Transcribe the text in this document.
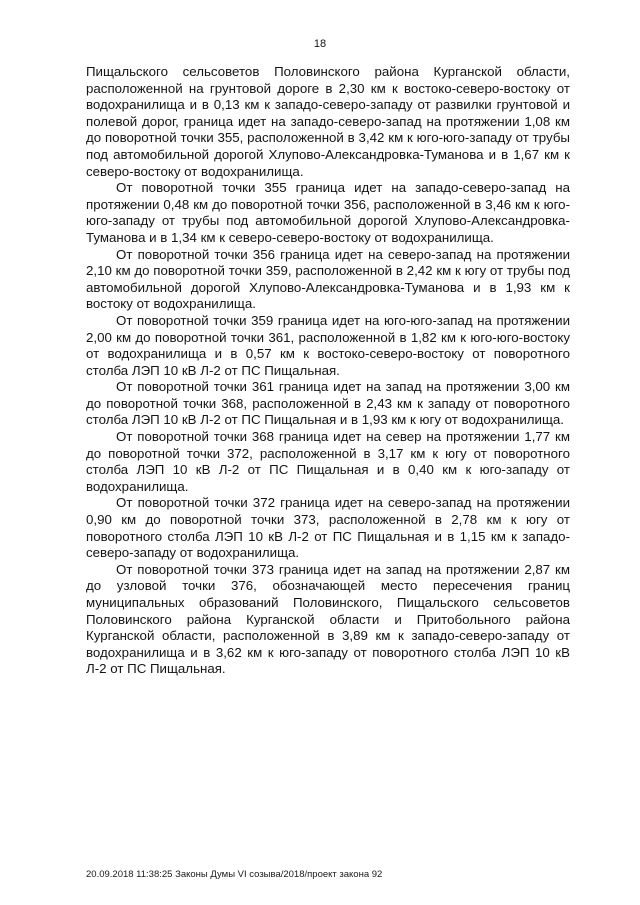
18

Пищальского сельсоветов Половинского района Курганской области, расположенной на грунтовой дороге в 2,30 км к востоко-северо-востоку от водохранилища и в 0,13 км к западо-северо-западу от развилки грунтовой и полевой дорог, граница идет на западо-северо-запад на протяжении 1,08 км до поворотной точки 355, расположенной в 3,42 км к юго-юго-западу от трубы под автомобильной дорогой Хлупово-Александровка-Туманова и в 1,67 км к северо-востоку от водохранилища.

От поворотной точки 355 граница идет на западо-северо-запад на протяжении 0,48 км до поворотной точки 356, расположенной в 3,46 км к юго-юго-западу от трубы под автомобильной дорогой Хлупово-Александровка-Туманова и в 1,34 км к северо-северо-востоку от водохранилища.

От поворотной точки 356 граница идет на северо-запад на протяжении 2,10 км до поворотной точки 359, расположенной в 2,42 км к югу от трубы под автомобильной дорогой Хлупово-Александровка-Туманова и в 1,93 км к востоку от водохранилища.

От поворотной точки 359 граница идет на юго-юго-запад на протяжении 2,00 км до поворотной точки 361, расположенной в 1,82 км к юго-юго-востоку от водохранилища и в 0,57 км к востоко-северо-востоку от поворотного столба ЛЭП 10 кВ Л-2 от ПС Пищальная.

От поворотной точки 361 граница идет на запад на протяжении 3,00 км до поворотной точки 368, расположенной в 2,43 км к западу от поворотного столба ЛЭП 10 кВ Л-2 от ПС Пищальная и в 1,93 км к югу от водохранилища.

От поворотной точки 368 граница идет на север на протяжении 1,77 км до поворотной точки 372, расположенной в 3,17 км к югу от поворотного столба ЛЭП 10 кВ Л-2 от ПС Пищальная и в 0,40 км к юго-западу от водохранилища.

От поворотной точки 372 граница идет на северо-запад на протяжении 0,90 км до поворотной точки 373, расположенной в 2,78 км к югу от поворотного столба ЛЭП 10 кВ Л-2 от ПС Пищальная и в 1,15 км к западо-северо-западу от водохранилища.

От поворотной точки 373 граница идет на запад на протяжении 2,87 км до узловой точки 376, обозначающей место пересечения границ муниципальных образований Половинского, Пищальского сельсоветов Половинского района Курганской области и Притобольного района Курганской области, расположенной в 3,89 км к западо-северо-западу от водохранилища и в 3,62 км к юго-западу от поворотного столба ЛЭП 10 кВ Л-2 от ПС Пищальная.

20.09.2018 11:38:25 Законы Думы VI созыва/2018/проект закона 92
